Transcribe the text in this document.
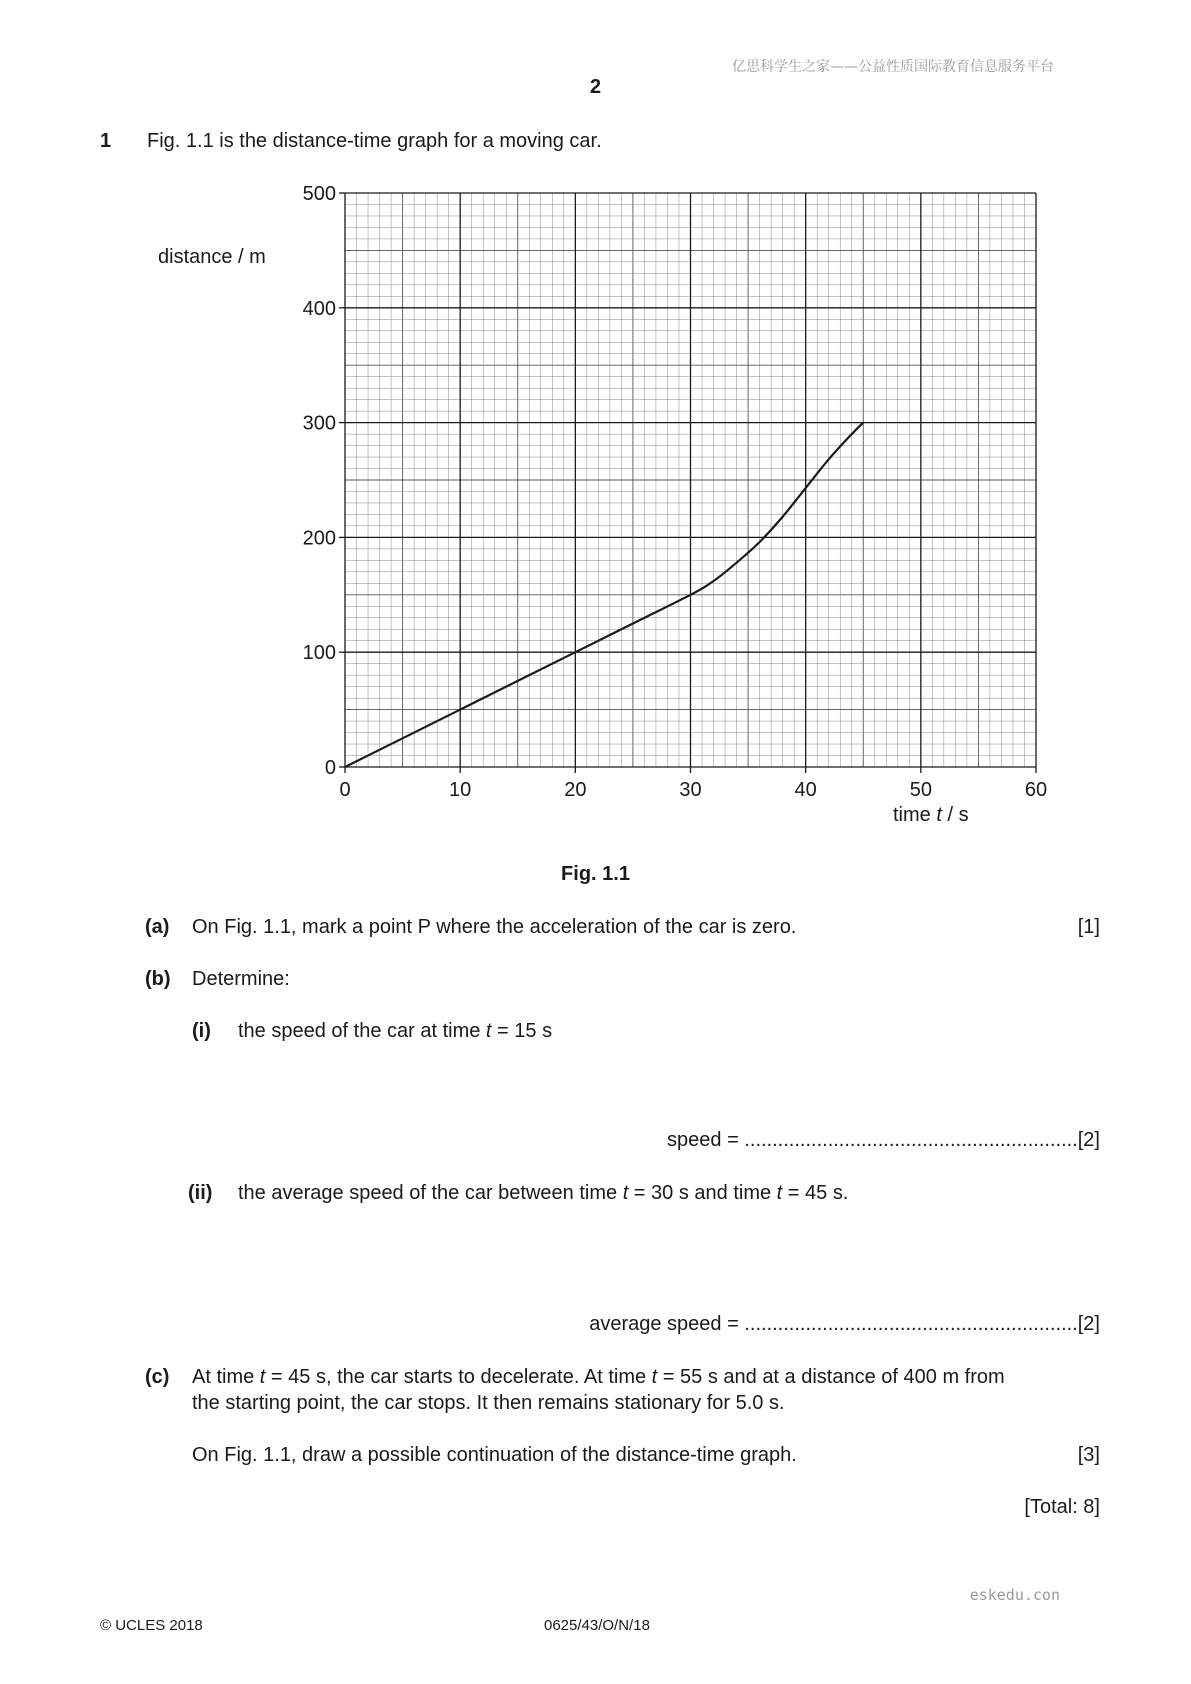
亿思科学生之家——公益性质国际教育信息服务平台
2
1 Fig. 1.1 is the distance-time graph for a moving car.
0	10	20	30	40	50	60
0
100
200
300
400
500
distance / m
time t / s
Fig. 1.1
(a) On Fig. 1.1, mark a point P where the acceleration of the car is zero.	[1]
(b) Determine:
(i) the speed of the car at time t = 15 s
speed = ............................................................[2]
(ii) the average speed of the car between time t = 30 s and time t = 45 s.
average speed = ............................................................[2]
(c) At time t = 45 s, the car starts to decelerate. At time t = 55 s and at a distance of 400 m from
the starting point, the car stops. It then remains stationary for 5.0 s.
On Fig. 1.1, draw a possible continuation of the distance-time graph.	[3]
[Total: 8]
eskedu.con
© UCLES 2018	0625/43/O/N/18
